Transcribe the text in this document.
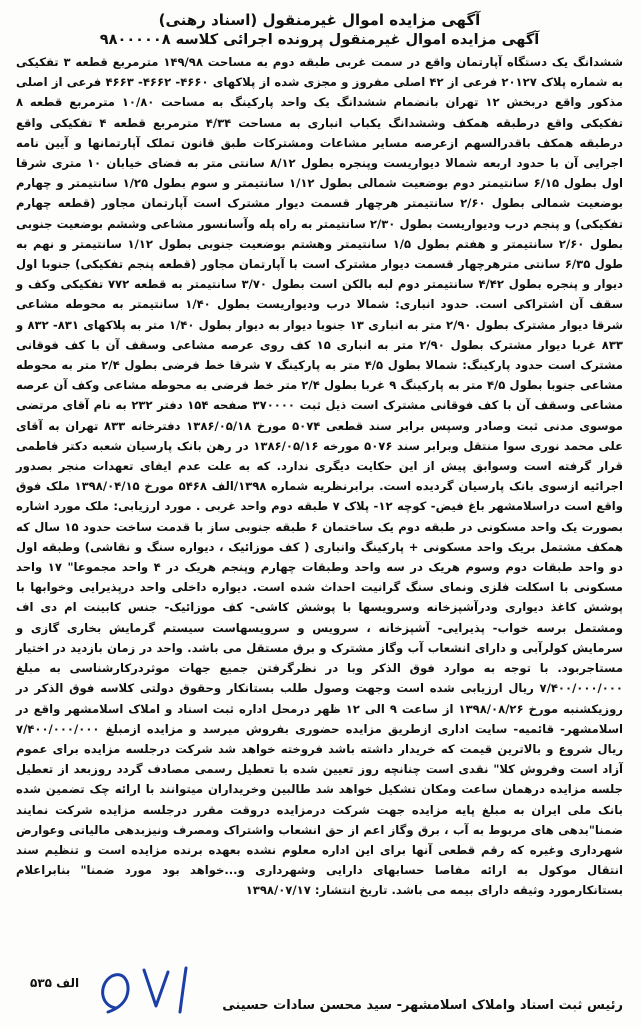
آگهی مزایده اموال غیرمنقول (اسناد رهنی)

آگهی مزایده اموال غیرمنقول پرونده اجرائی کلاسه ۹۸۰۰۰۰۰۸

ششدانگ یک دستگاه آپارتمان واقع در سمت غربی طبقه دوم به مساحت ۱۴۹/۹۸ مترمربع قطعه ۳ تفکیکی به شماره پلاک ۲۰۱۲۷ فرعی از ۴۲ اصلی مفروز و مجزی شده از پلاکهای ۴۶۶۰- ۴۶۶۲- ۴۶۶۳ فرعی از اصلی مذکور واقع دربخش ۱۲ تهران بانضمام ششدانگ یک واحد پارکینگ به مساحت ۱۰/۸۰ مترمربع قطعه ۸ تفکیکی واقع درطبقه همکف وششدانگ یکباب انباری به مساحت ۴/۳۴ مترمربع قطعه ۴ تفکیکی واقع درطبقه همکف باقدرالسهم ازعرصه مسایر مشاعات ومشترکات طبق قانون تملک آپارتمانها و آیین نامه اجرایی آن با حدود اربعه شمالا دیواریست وپنجره بطول ۸/۱۲ سانتی متر به فضای خیابان ۱۰ متری شرقا اول بطول ۶/۱۵ سانتیمتر دوم بوضعیت شمالی بطول ۱/۱۲ سانتیمتر و سوم بطول ۱/۲۵ سانتیمتر و چهارم بوضعیت شمالی بطول ۲/۶۰ سانتیمتر هرچهار قسمت دیوار مشترک است آپارتمان مجاور (قطعه چهارم تفکیکی) و پنجم درب ودیواریست بطول ۲/۳۰ سانتیمتر به راه پله وآسانسور مشاعی وششم بوضعیت جنوبی بطول ۲/۶۰ سانتیمتر و هفتم بطول ۱/۵ سانتیمتر وهشتم بوضعیت جنوبی بطول ۱/۱۲ سانتیمتر و نهم به طول ۶/۳۵ سانتی مترهرچهار قسمت دیوار مشترک است با آپارتمان مجاور (قطعه پنجم تفکیکی) جنوبا اول دیوار و پنجره بطول ۴/۴۲ سانتیمتر دوم لبه بالکن است بطول ۳/۷۰ سانتیمتر به قطعه ۷۷۲ تفکیکی وکف و سقف آن اشتراکی است. حدود انباری: شمالا درب ودیواریست بطول ۱/۴۰ سانتیمتر به محوطه مشاعی شرقا دیوار مشترک بطول ۲/۹۰ متر به انباری ۱۳ جنوبا دیوار به دیوار بطول ۱/۴۰ متر به پلاکهای ۸۳۱- ۸۳۲ و ۸۳۳ غربا دیوار مشترک بطول ۲/۹۰ متر به انباری ۱۵ کف روی عرصه مشاعی وسقف آن با کف فوقانی مشترک است حدود پارکینگ: شمالا بطول ۴/۵ متر به پارکینگ ۷ شرقا خط فرضی بطول ۲/۴ متر به محوطه مشاعی جنوبا بطول ۴/۵ متر به پارکینگ ۹ غربا بطول ۲/۴ متر خط فرضی به محوطه مشاعی وکف آن عرصه مشاعی وسقف آن با کف فوقانی مشترک است ذیل ثبت ۳۷۰۰۰۰ صفحه ۱۵۴ دفتر ۲۳۲ به نام آقای مرتضی موسوی مدنی ثبت وصادر وسپس برابر سند قطعی ۵۰۷۴ مورخ ۱۳۸۶/۰۵/۱۸ دفترخانه ۸۳۳ تهران به آقای علی محمد نوری سوا منتقل وبرابر سند ۵۰۷۶ مورخه ۱۳۸۶/۰۵/۱۶ در رهن بانک پارسیان شعبه دکتر فاطمی قرار گرفته است وسوابق پیش از این حکایت دیگری ندارد. که به علت عدم ایفای تعهدات منجر بصدور اجرائیه ازسوی بانک پارسیان گردیده است. برابرنظریه شماره ۱۳۹۸/الف ۵۴۶۸ مورخ ۱۳۹۸/۰۴/۱۵ ملک فوق واقع است دراسلامشهر باغ فیض- کوچه ۱۲- پلاک ۷ طبقه دوم واحد غربی . مورد ارزیابی: ملک مورد اشاره بصورت یک واحد مسکونی در طبقه دوم یک ساختمان ۶ طبقه جنوبی ساز با قدمت ساخت حدود ۱۵ سال که همکف مشتمل بریک واحد مسکونی + پارکینگ وانباری ( کف موزائیک ، دیواره سنگ و نقاشی) وطبقه اول دو واحد طبقات دوم وسوم هریک در سه واحد وطبقات چهارم وپنجم هریک در ۴ واحد مجموعا" ۱۷ واحد مسکونی با اسکلت فلزی ونمای سنگ گرانیت احداث شده است. دیواره داخلی واحد درپذیرایی وخوابها با پوشش کاغذ دیواری ودرآشپزخانه وسرویسها با پوشش کاشی- کف موزائیک- جنس کابینت ام دی اف ومشتمل برسه خواب- پذیرایی- آشپزخانه ، سرویس و سرویسهاست سیستم گرمایش بخاری گازی و سرمایش کولرآبی و دارای انشعاب آب وگاز مشترک و برق مستقل می باشد. واحد در زمان بازدید در اختیار مستاجربود. با توجه به موارد فوق الذکر وبا در نظرگرفتن جمیع جهات موثردرکارشناسی به مبلغ ۷/۴۰۰/۰۰۰/۰۰۰ ریال ارزیابی شده است وجهت وصول طلب بستانکار وحقوق دولتی کلاسه فوق الذکر در روزیکشنبه مورخ ۱۳۹۸/۰۸/۲۶ از ساعت ۹ الی ۱۲ ظهر درمحل اداره ثبت اسناد و املاک اسلامشهر واقع در اسلامشهر- قائمیه- سایت اداری ازطریق مزایده حضوری بفروش میرسد و مزایده ازمبلغ ۷/۴۰۰/۰۰۰/۰۰۰ ریال شروع و بالاترین قیمت که خریدار داشته باشد فروخته خواهد شد شرکت درجلسه مزایده برای عموم آزاد است وفروش کلا" نقدی است چنانچه روز تعیین شده با تعطیل رسمی مصادف گردد روزبعد از تعطیل جلسه مزایده درهمان ساعت ومکان تشکیل خواهد شد طالبین وخریداران میتوانند با ارائه چک تضمین شده بانک ملی ایران به مبلغ پایه مزایده جهت شرکت درمزایده دروقت مقرر درجلسه مزایده شرکت نمایند ضمنا"بدهی های مربوط به آب ، برق وگاز اعم از حق انشعاب واشتراک ومصرف ونیزبدهی مالیاتی وعوارض شهرداری وغیره که رقم قطعی آنها برای این اداره معلوم نشده بعهده برنده مزایده است و تنظیم سند انتقال موکول به ارائه مفاصا حسابهای دارایی وشهرداری و...خواهد بود مورد ضمنا" بنابراعلام بستانکارمورد وثیقه دارای بیمه می باشد. تاریخ انتشار: ۱۳۹۸/۰۷/۱۷

رئیس ثبت اسناد واملاک اسلامشهر- سید محسن سادات حسینی
الف ۵۳۵
